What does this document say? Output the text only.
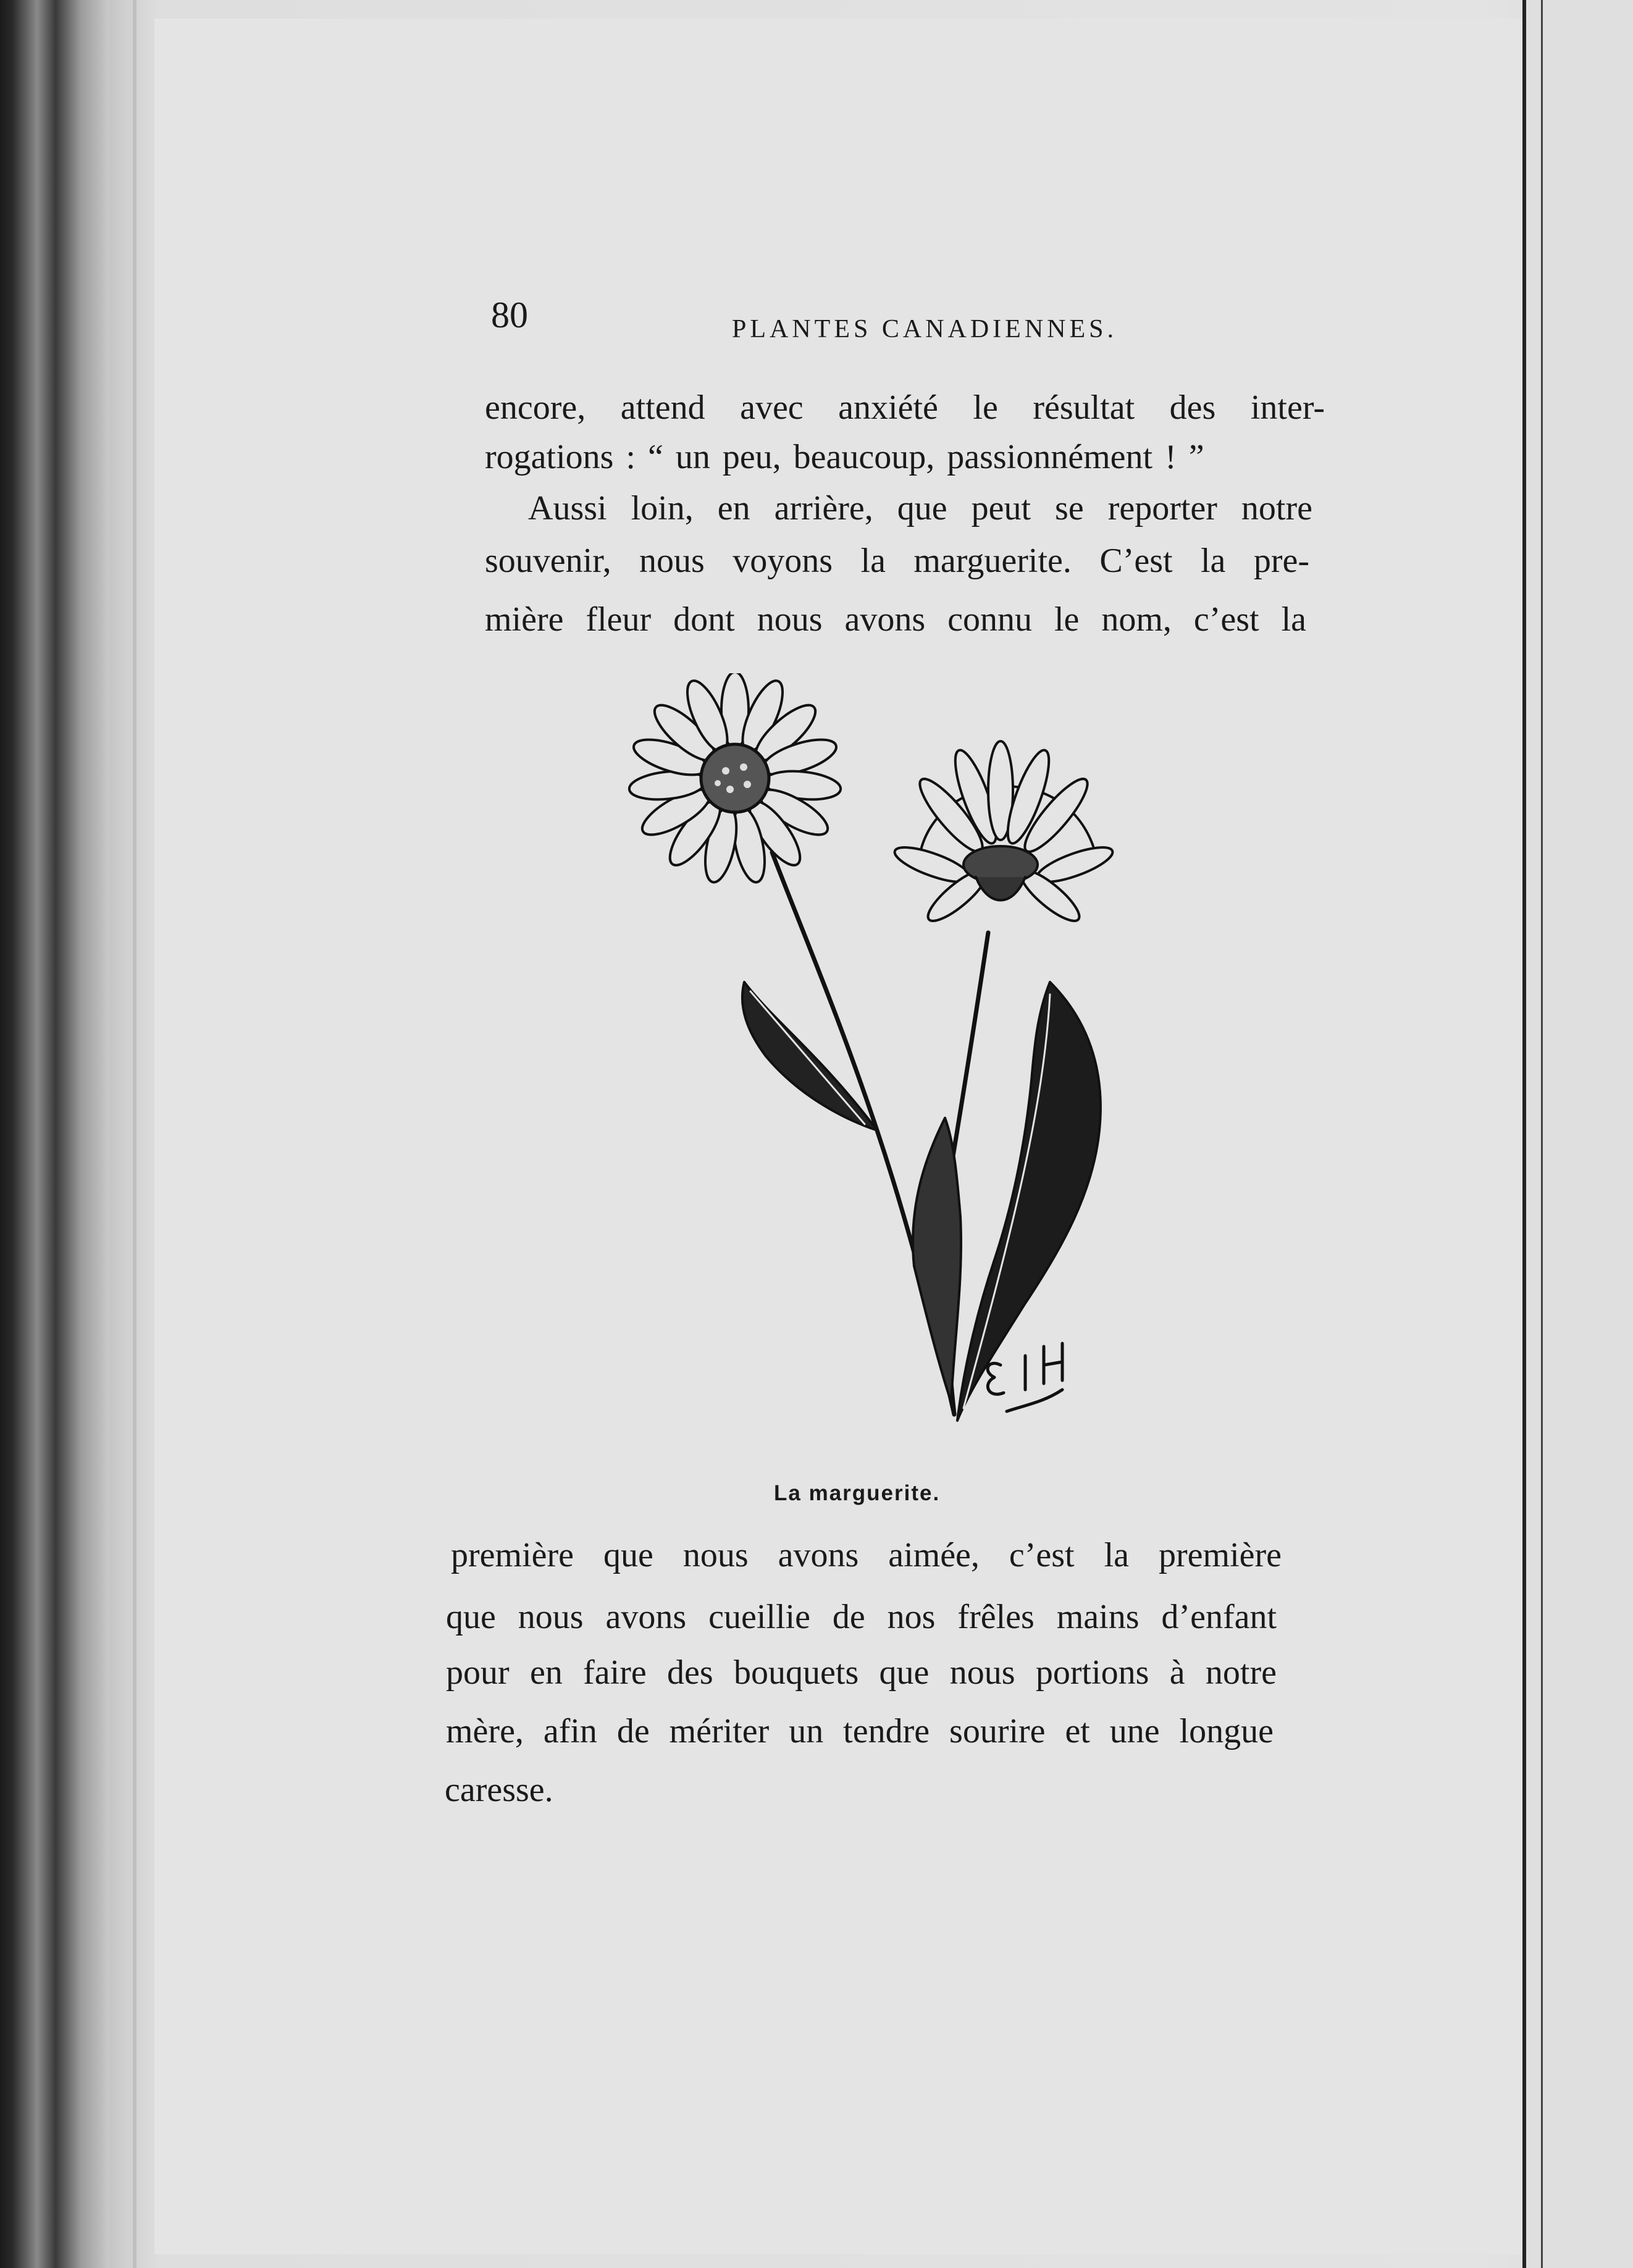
80	PLANTES CANADIENNES.
encore, attend avec anxiété le résultat des inter-
rogations : “ un peu, beaucoup, passionnément ! ”
Aussi loin, en arrière, que peut se reporter notre
souvenir, nous voyons la marguerite. C’est la pre-
mière fleur dont nous avons connu le nom, c’est la
La marguerite.
première que nous avons aimée, c’est la première
que nous avons cueillie de nos frêles mains d’enfant
pour en faire des bouquets que nous portions à notre
mère, afin de mériter un tendre sourire et une longue
caresse.
